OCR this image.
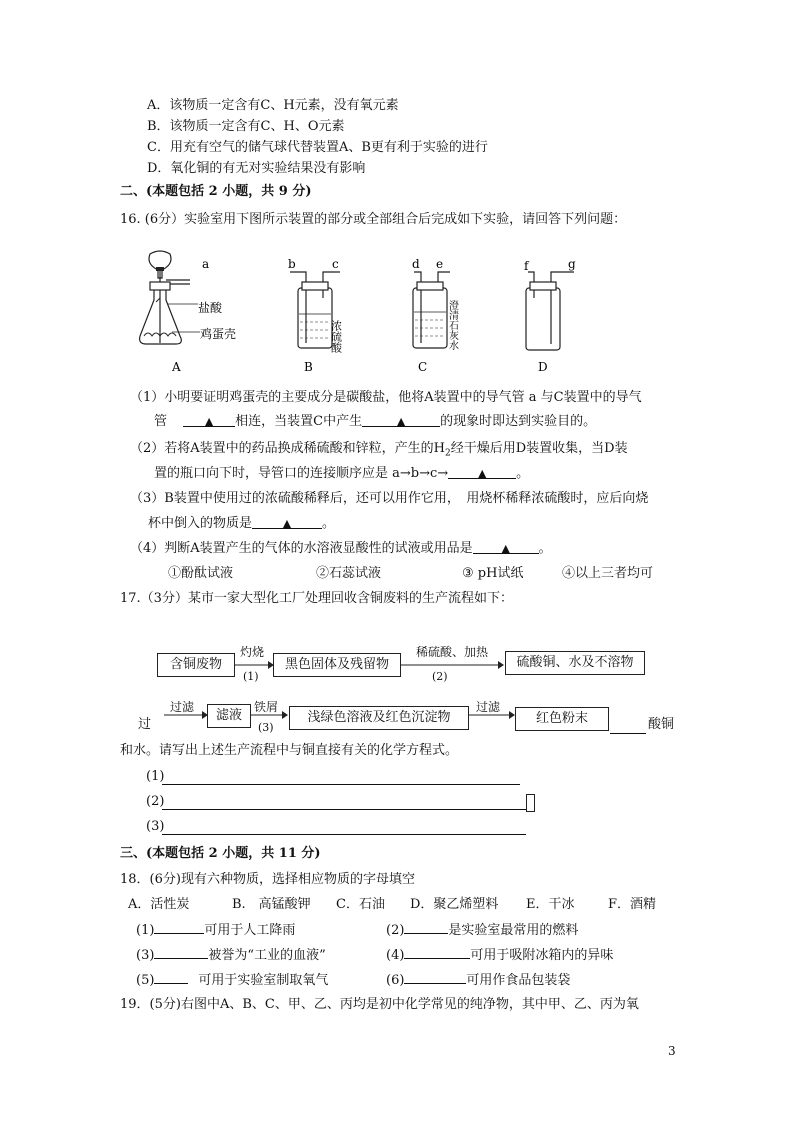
A．该物质一定含有C、H元素，没有氧元素
B．该物质一定含有C、H、O元素
C．用充有空气的储气球代替装置A、B更有利于实验的进行
D．氧化铜的有无对实验结果没有影响
二、(本题包括 2 小题，共 9 分)
16. (6分）实验室用下图所示装置的部分或全部组合后完成如下实验，请回答下列问题：
a
盐酸
鸡蛋壳
A
b	c
浓硫酸
B
d e
澄清石灰水
C
f	g
D
（1）小明要证明鸡蛋壳的主要成分是碳酸盐，他将A装置中的导气管 a 与C装置中的导气
管	▲ 相连，当装置C中产生	▲	的现象时即达到实验目的。
（2）若将A装置中的药品换成稀硫酸和锌粒，产生的$H_2$经干燥后用D装置收集，当D装
置的瓶口向下时，导管口的连接顺序应是 a→b→c→	▲ 。
（3）B装置中使用过的浓硫酸稀释后，还可以用作它用，　用烧杯稀释浓硫酸时，应后向烧
杯中倒入的物质是	▲ 。
（4）判断A装置产生的气体的水溶液显酸性的试液或用品是	▲ 。
①酚酞试液	②石蕊试液	③ pH试纸	④以上三者均可
17.（3分）某市一家大型化工厂处理回收含铜废料的生产流程如下：
含铜废物
灼烧
(1)
黑色固体及残留物
稀硫酸、加热
(2)
硫酸铜、水及不溶物
过滤
滤液
铁屑
(3)
浅绿色溶液及红色沉淀物
过滤
红色粉末
过	酸铜
和水。请写出上述生产流程中与铜直接有关的化学方程式。
(1)
(2)
(3)
三、(本题包括 2 小题，共 11 分)
18．(6分)现有六种物质，选择相应物质的字母填空
A．活性炭	B.　高锰酸钾 C．石油 D．聚乙烯塑料 E．干冰	F．酒精
(1)	可用于人工降雨	(2)	是实验室最常用的燃料
(3)	被誉为“工业的血液”	(4)	可用于吸附冰箱内的异味
(5)	可用于实验室制取氧气	(6)	可用作食品包装袋
19．(5分)右图中A、B、C、甲、乙、丙均是初中化学常见的纯净物，其中甲、乙、丙为氧
3
